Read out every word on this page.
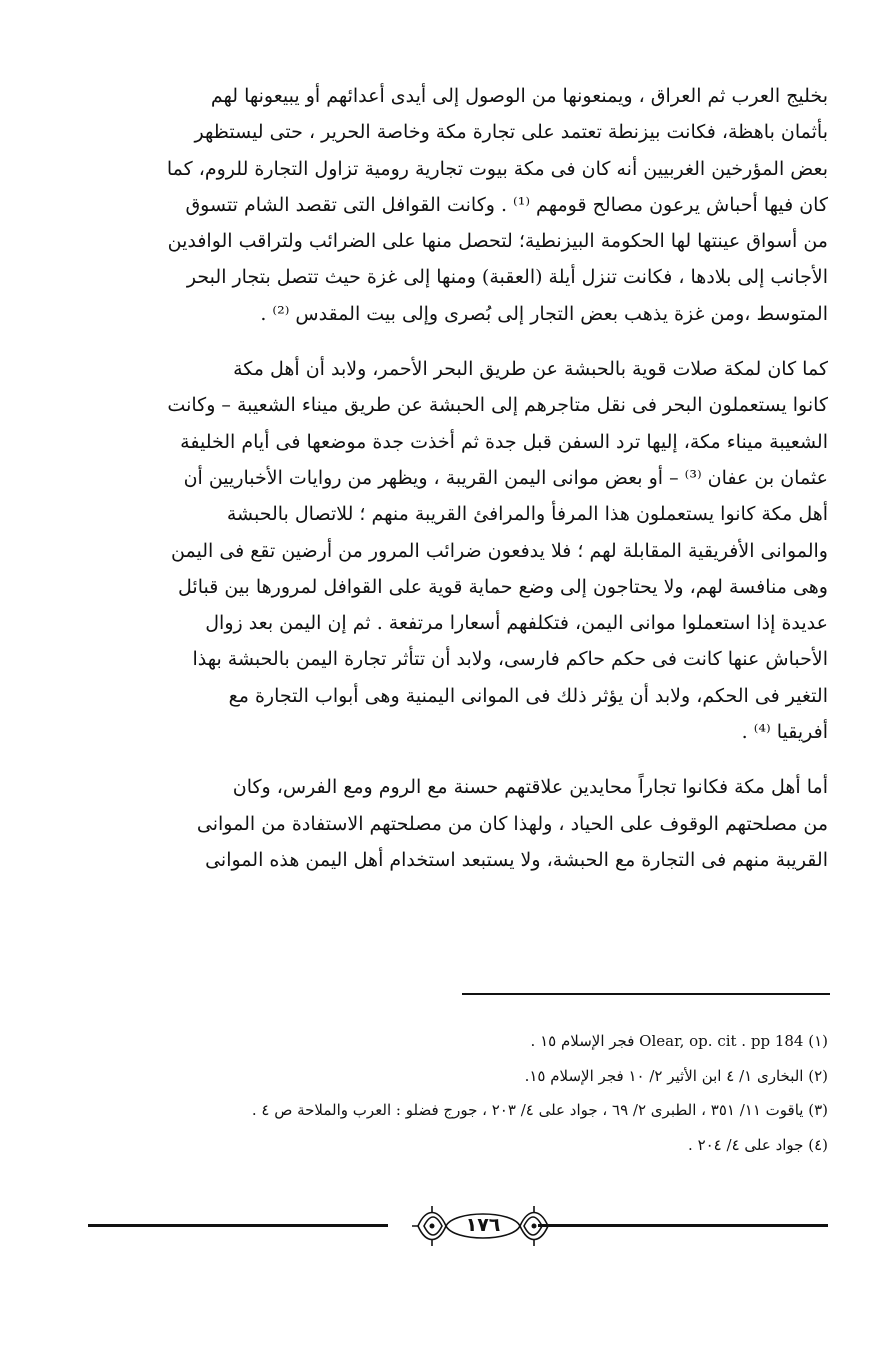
بخليج العرب ثم العراق ، ويمنعونها من الوصول إلى أيدى أعدائهم أو يبيعونها لهم
بأثمان باهظة، فكانت بيزنطة تعتمد على تجارة مكة وخاصة الحرير ، حتى ليستظهر
بعض المؤرخين الغربيين أنه كان فى مكة بيوت تجارية رومية تزاول التجارة للروم، كما
كان فيها أحباش يرعون مصالح قومهم ⁽¹⁾ . وكانت القوافل التى تقصد الشام تتسوق
من أسواق عينتها لها الحكومة البيزنطية؛ لتحصل منها على الضرائب ولتراقب الوافدين
الأجانب إلى بلادها ، فكانت تنزل أيلة (العقبة) ومنها إلى غزة حيث تتصل بتجار البحر
المتوسط ،ومن غزة يذهب بعض التجار إلى بُصرى وإلى بيت المقدس ⁽²⁾ .

كما كان لمكة صلات قوية بالحبشة عن طريق البحر الأحمر، ولابد أن أهل مكة
كانوا يستعملون البحر فى نقل متاجرهم إلى الحبشة عن طريق ميناء الشعيبة – وكانت
الشعيبة ميناء مكة، إليها ترد السفن قبل جدة ثم أخذت جدة موضعها فى أيام الخليفة
عثمان بن عفان ⁽³⁾ – أو بعض موانى اليمن القريبة ، ويظهر من روايات الأخباريين أن
أهل مكة كانوا يستعملون هذا المرفأ والمرافئ القريبة منهم ؛ للاتصال بالحبشة
والموانى الأفريقية المقابلة لهم ؛ فلا يدفعون ضرائب المرور من أرضين تقع فى اليمن
وهى منافسة لهم، ولا يحتاجون إلى وضع حماية قوية على القوافل لمرورها بين قبائل
عديدة إذا استعملوا موانى اليمن، فتكلفهم أسعارا مرتفعة . ثم إن اليمن بعد زوال
الأحباش عنها كانت فى حكم حاكم فارسى، ولابد أن تتأثر تجارة اليمن بالحبشة بهذا
التغير فى الحكم، ولابد أن يؤثر ذلك فى الموانى اليمنية وهى أبواب التجارة مع
أفريقيا ⁽⁴⁾ .

أما أهل مكة فكانوا تجاراً محايدين علاقتهم حسنة مع الروم ومع الفرس، وكان
من مصلحتهم الوقوف على الحياد ، ولهذا كان من مصلحتهم الاستفادة من الموانى
القريبة منهم فى التجارة مع الحبشة، ولا يستبعد استخدام أهل اليمن هذه الموانى

(١) Olear, op. cit . pp 184 فجر الإسلام ١٥ .
(٢) البخارى ١/ ٤ ابن الأثير ٢/ ١٠ فجر الإسلام ١٥.
(٣) ياقوت ١١/ ٣٥١ ، الطبرى ٢/ ٦٩ ، جواد على ٤/ ٢٠٣ ، جورج فضلو : العرب والملاحة ص ٤ .
(٤) جواد على ٤/ ٢٠٤ .
١٧٦
